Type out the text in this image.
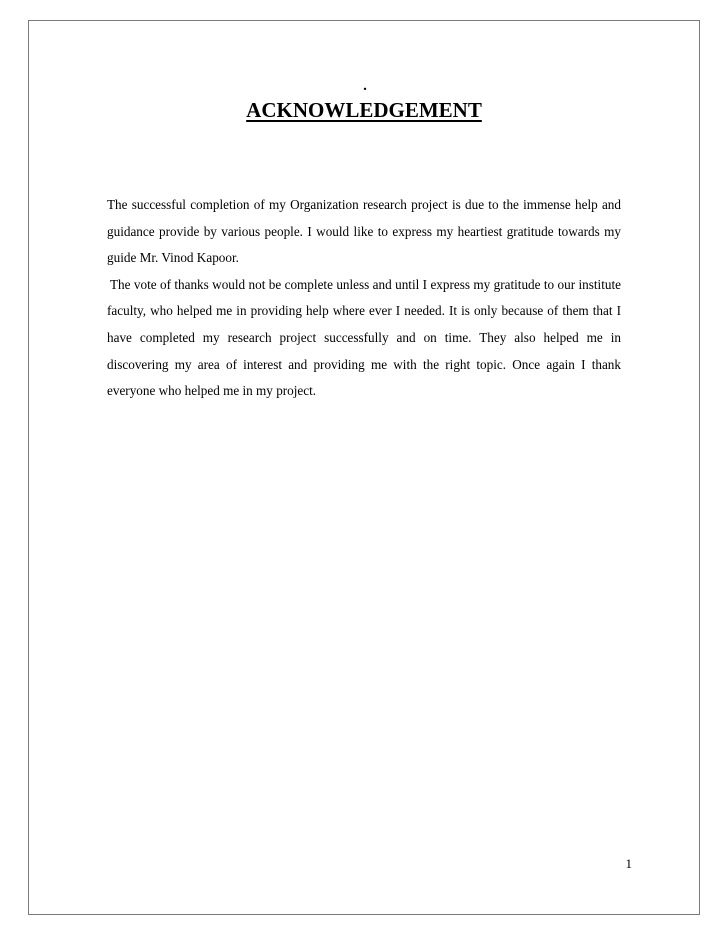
.
ACKNOWLEDGEMENT

The successful completion of my Organization research project is due to the immense help and guidance provide by various people. I would like to express my heartiest gratitude towards my guide Mr. Vinod Kapoor.

The vote of thanks would not be complete unless and until I express my gratitude to our institute faculty, who helped me in providing help where ever I needed. It is only because of them that I have completed my research project successfully and on time. They also helped me in discovering my area of interest and providing me with the right topic. Once again I thank everyone who helped me in my project.

1
